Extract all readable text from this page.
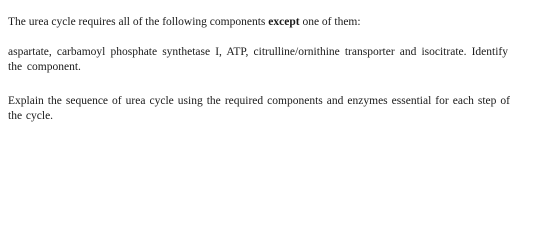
The urea cycle requires all of the following components except one of them:

aspartate, carbamoyl phosphate synthetase I, ATP, citrulline/ornithine transporter and isocitrate. Identify the component.

Explain the sequence of urea cycle using the required components and enzymes essential for each step of the cycle.
